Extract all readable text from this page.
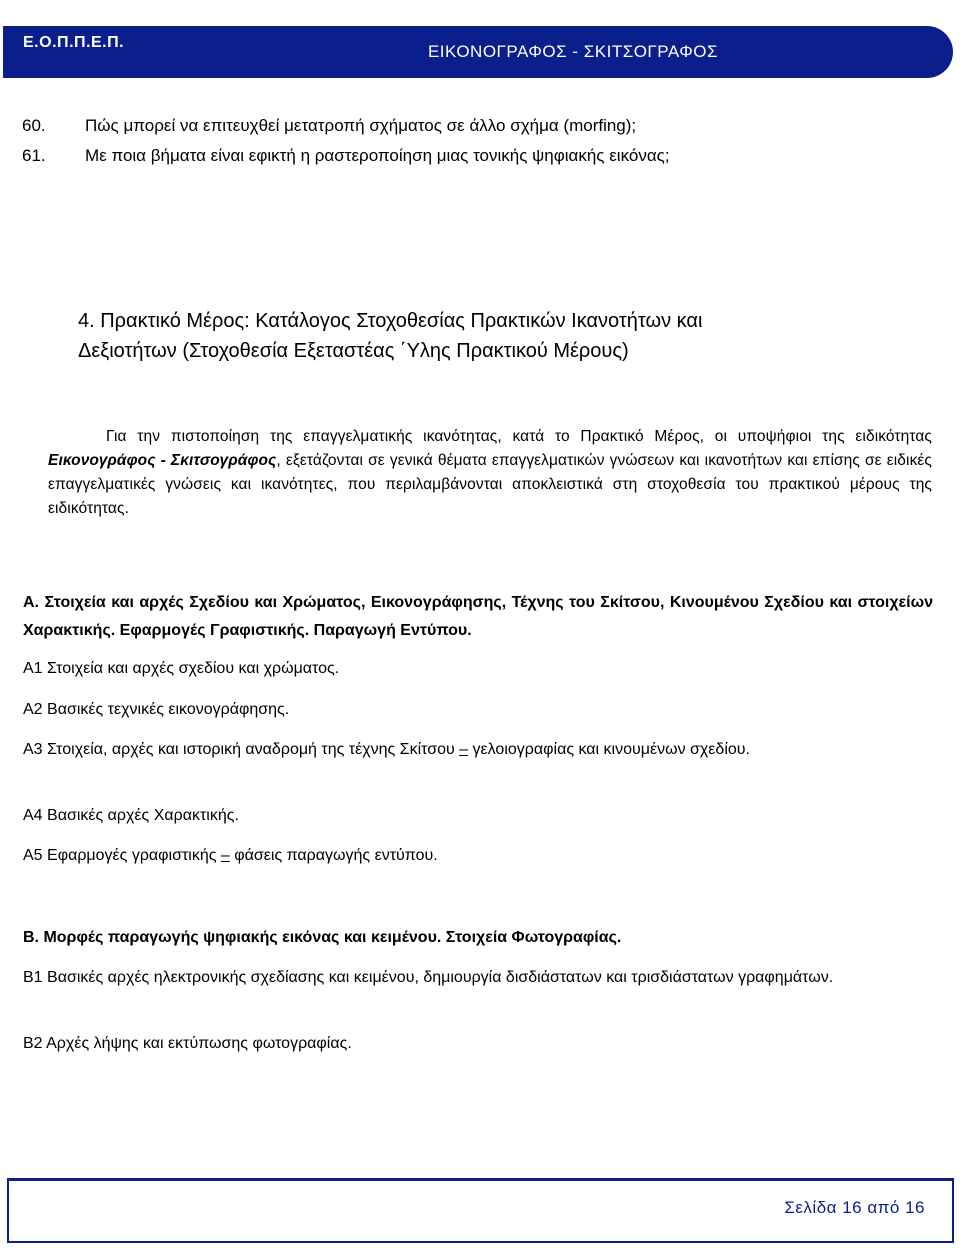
Ε.Ο.Π.Π.Ε.Π.	ΕΙΚΟΝΟΓΡΑΦΟΣ - ΣΚΙΤΣΟΓΡΑΦΟΣ
60.	Πώς μπορεί να επιτευχθεί μετατροπή σχήματος σε άλλο σχήμα (morfing);
61.	Με ποια βήματα είναι εφικτή η ραστεροποίηση μιας τονικής ψηφιακής εικόνας;
4. Πρακτικό Μέρος: Κατάλογος Στοχοθεσίας Πρακτικών Ικανοτήτων και
Δεξιοτήτων (Στοχοθεσία Εξεταστέας ΄Υλης Πρακτικού Μέρους)
Για την πιστοποίηση της επαγγελματικής ικανότητας, κατά το Πρακτικό Μέρος, οι υποψήφιοι της ειδικότητας Εικονογράφος - Σκιτσογράφος, εξετάζονται σε γενικά θέματα επαγγελματικών γνώσεων και ικανοτήτων και επίσης σε ειδικές επαγγελματικές γνώσεις και ικανότητες, που περιλαμβάνονται αποκλειστικά στη στοχοθεσία του πρακτικού μέρους της ειδικότητας.
Α. Στοιχεία και αρχές Σχεδίου και Χρώματος, Εικονογράφησης, Τέχνης του Σκίτσου, Κινουμένου Σχεδίου και στοιχείων Χαρακτικής. Εφαρμογές Γραφιστικής. Παραγωγή Εντύπου.
Α1 Στοιχεία και αρχές σχεδίου και χρώματος.
Α2 Βασικές τεχνικές εικονογράφησης.
Α3 Στοιχεία, αρχές και ιστορική αναδρομή της τέχνης Σκίτσου – γελοιογραφίας και κινουμένων σχεδίου.
Α4 Βασικές αρχές Χαρακτικής.
Α5 Εφαρμογές γραφιστικής – φάσεις παραγωγής εντύπου.
Β. Μορφές παραγωγής ψηφιακής εικόνας και κειμένου. Στοιχεία Φωτογραφίας.
Β1 Βασικές αρχές ηλεκτρονικής σχεδίασης και κειμένου, δημιουργία δισδιάστατων και τρισδιάστατων γραφημάτων.
Β2 Αρχές λήψης και εκτύπωσης φωτογραφίας.
Σελίδα 16 από 16
